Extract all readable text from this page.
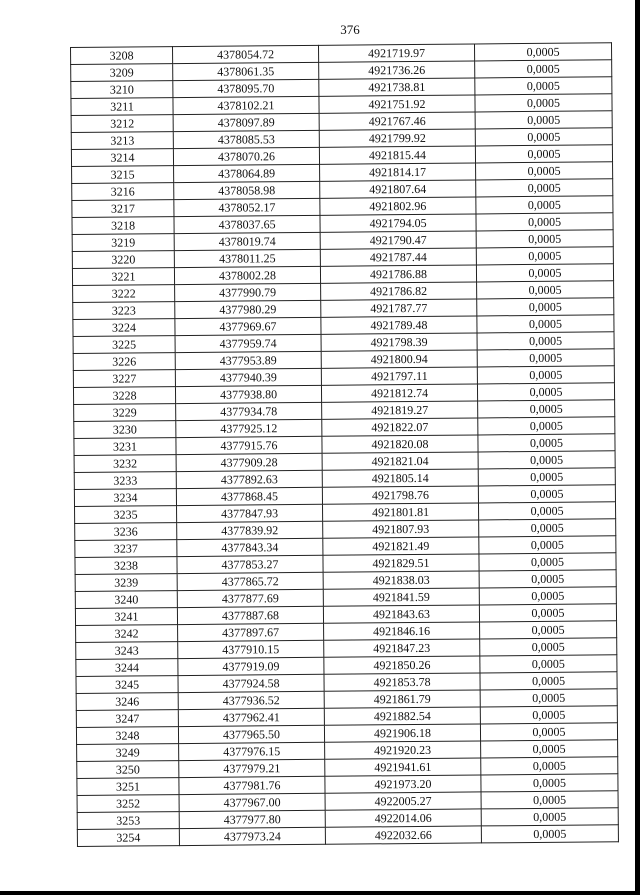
376
3208	4378054.72	4921719.97	0,0005
3209	4378061.35	4921736.26	0,0005
3210	4378095.70	4921738.81	0,0005
3211	4378102.21	4921751.92	0,0005
3212	4378097.89	4921767.46	0,0005
3213	4378085.53	4921799.92	0,0005
3214	4378070.26	4921815.44	0,0005
3215	4378064.89	4921814.17	0,0005
3216	4378058.98	4921807.64	0,0005
3217	4378052.17	4921802.96	0,0005
3218	4378037.65	4921794.05	0,0005
3219	4378019.74	4921790.47	0,0005
3220	4378011.25	4921787.44	0,0005
3221	4378002.28	4921786.88	0,0005
3222	4377990.79	4921786.82	0,0005
3223	4377980.29	4921787.77	0,0005
3224	4377969.67	4921789.48	0,0005
3225	4377959.74	4921798.39	0,0005
3226	4377953.89	4921800.94	0,0005
3227	4377940.39	4921797.11	0,0005
3228	4377938.80	4921812.74	0,0005
3229	4377934.78	4921819.27	0,0005
3230	4377925.12	4921822.07	0,0005
3231	4377915.76	4921820.08	0,0005
3232	4377909.28	4921821.04	0,0005
3233	4377892.63	4921805.14	0,0005
3234	4377868.45	4921798.76	0,0005
3235	4377847.93	4921801.81	0,0005
3236	4377839.92	4921807.93	0,0005
3237	4377843.34	4921821.49	0,0005
3238	4377853.27	4921829.51	0,0005
3239	4377865.72	4921838.03	0,0005
3240	4377877.69	4921841.59	0,0005
3241	4377887.68	4921843.63	0,0005
3242	4377897.67	4921846.16	0,0005
3243	4377910.15	4921847.23	0,0005
3244	4377919.09	4921850.26	0,0005
3245	4377924.58	4921853.78	0,0005
3246	4377936.52	4921861.79	0,0005
3247	4377962.41	4921882.54	0,0005
3248	4377965.50	4921906.18	0,0005
3249	4377976.15	4921920.23	0,0005
3250	4377979.21	4921941.61	0,0005
3251	4377981.76	4921973.20	0,0005
3252	4377967.00	4922005.27	0,0005
3253	4377977.80	4922014.06	0,0005
3254	4377973.24	4922032.66	0,0005
